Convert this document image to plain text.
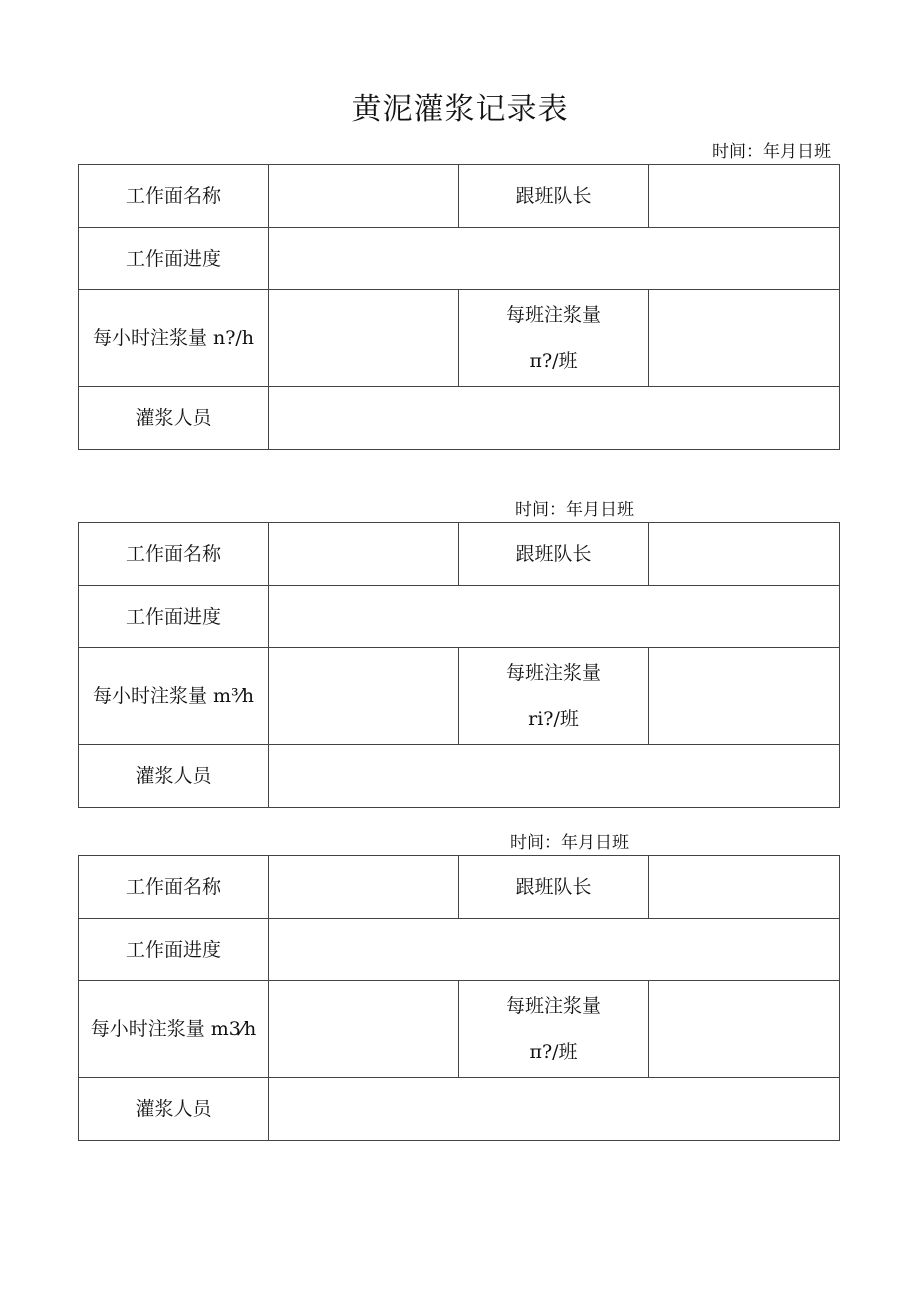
黄泥灌浆记录表
时间：年月日班
工作面名称		跟班队长	
工作面进度			
每小时注浆量 n?/h		每班注浆量
π?/班	

灌浆人员			
时间：年月日班
工作面名称		跟班队长	
工作面进度			
每小时注浆量 m³⁄h		每班注浆量
ri?/班	

灌浆人员			
时间：年月日班
工作面名称		跟班队长	
工作面进度			
每小时注浆量 m3⁄h		每班注浆量
π?/班	

灌浆人员			
